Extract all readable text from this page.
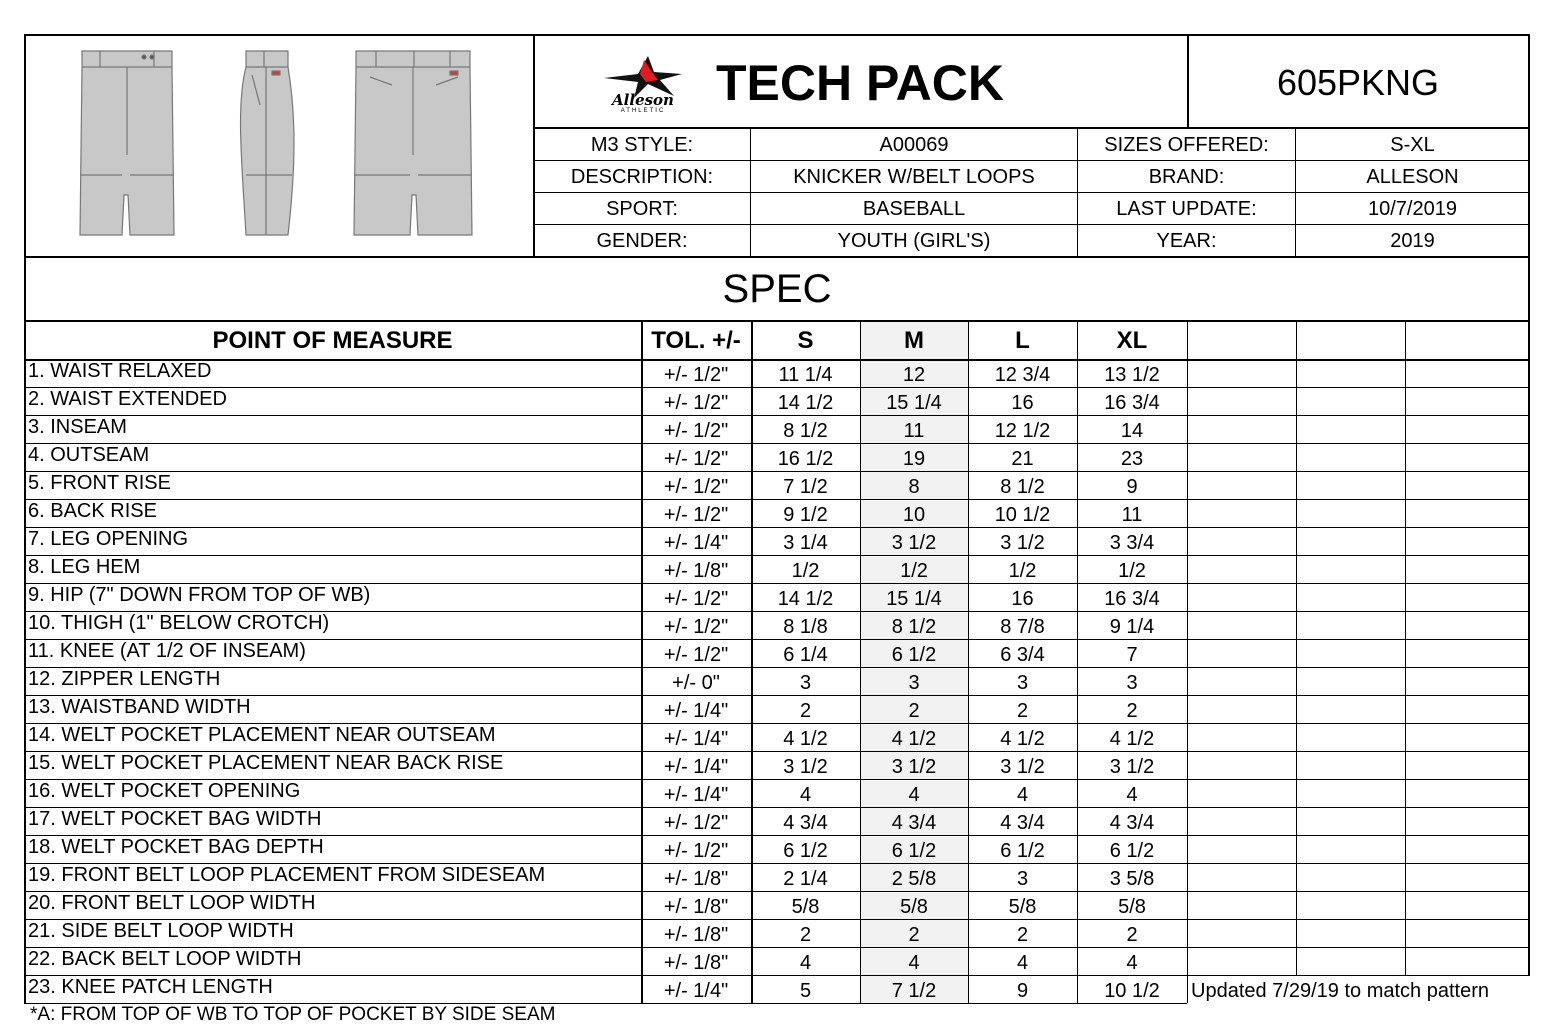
Alleson
ATHLETIC	TECH PACK	605PKNG
M3 STYLE:	A00069	SIZES OFFERED:	S-XL
DESCRIPTION:	KNICKER W/BELT LOOPS	BRAND:	ALLESON
SPORT:	BASEBALL	LAST UPDATE:	10/7/2019
GENDER:	YOUTH (GIRL'S)	YEAR:	2019
SPEC
POINT OF MEASURE	TOL. +/-	S	M	L	XL
1. WAIST RELAXED	+/- 1/2"	11 1/4	12	12 3/4	13 1/2
2. WAIST EXTENDED	+/- 1/2"	14 1/2	15 1/4	16	16 3/4
3. INSEAM	+/- 1/2"	8 1/2	11	12 1/2	14
4. OUTSEAM	+/- 1/2"	16 1/2	19	21	23
5. FRONT RISE	+/- 1/2"	7 1/2	8	8 1/2	9
6. BACK RISE	+/- 1/2"	9 1/2	10	10 1/2	11
7. LEG OPENING	+/- 1/4"	3 1/4	3 1/2	3 1/2	3 3/4
8. LEG HEM	+/- 1/8"	1/2	1/2	1/2	1/2
9. HIP (7" DOWN FROM TOP OF WB)	+/- 1/2"	14 1/2	15 1/4	16	16 3/4
10. THIGH (1" BELOW CROTCH)	+/- 1/2"	8 1/8	8 1/2	8 7/8	9 1/4
11. KNEE (AT 1/2 OF INSEAM)	+/- 1/2"	6 1/4	6 1/2	6 3/4	7
12. ZIPPER LENGTH	+/- 0"	3	3	3	3
13. WAISTBAND WIDTH	+/- 1/4"	2	2	2	2
14. WELT POCKET PLACEMENT NEAR OUTSEAM	+/- 1/4"	4 1/2	4 1/2	4 1/2	4 1/2
15. WELT POCKET PLACEMENT NEAR BACK RISE	+/- 1/4"	3 1/2	3 1/2	3 1/2	3 1/2
16. WELT POCKET OPENING	+/- 1/4"	4	4	4	4
17. WELT POCKET BAG WIDTH	+/- 1/2"	4 3/4	4 3/4	4 3/4	4 3/4
18. WELT POCKET BAG DEPTH	+/- 1/2"	6 1/2	6 1/2	6 1/2	6 1/2
19. FRONT BELT LOOP PLACEMENT FROM SIDESEAM	+/- 1/8"	2 1/4	2 5/8	3	3 5/8
20. FRONT BELT LOOP WIDTH	+/- 1/8"	5/8	5/8	5/8	5/8
21. SIDE BELT LOOP WIDTH	+/- 1/8"	2	2	2	2
22. BACK BELT LOOP WIDTH	+/- 1/8"	4	4	4	4
23. KNEE PATCH LENGTH	+/- 1/4"	5	7 1/2	9	10 1/2	Updated 7/29/19 to match pattern
*A: FROM TOP OF WB TO TOP OF POCKET BY SIDE SEAM
